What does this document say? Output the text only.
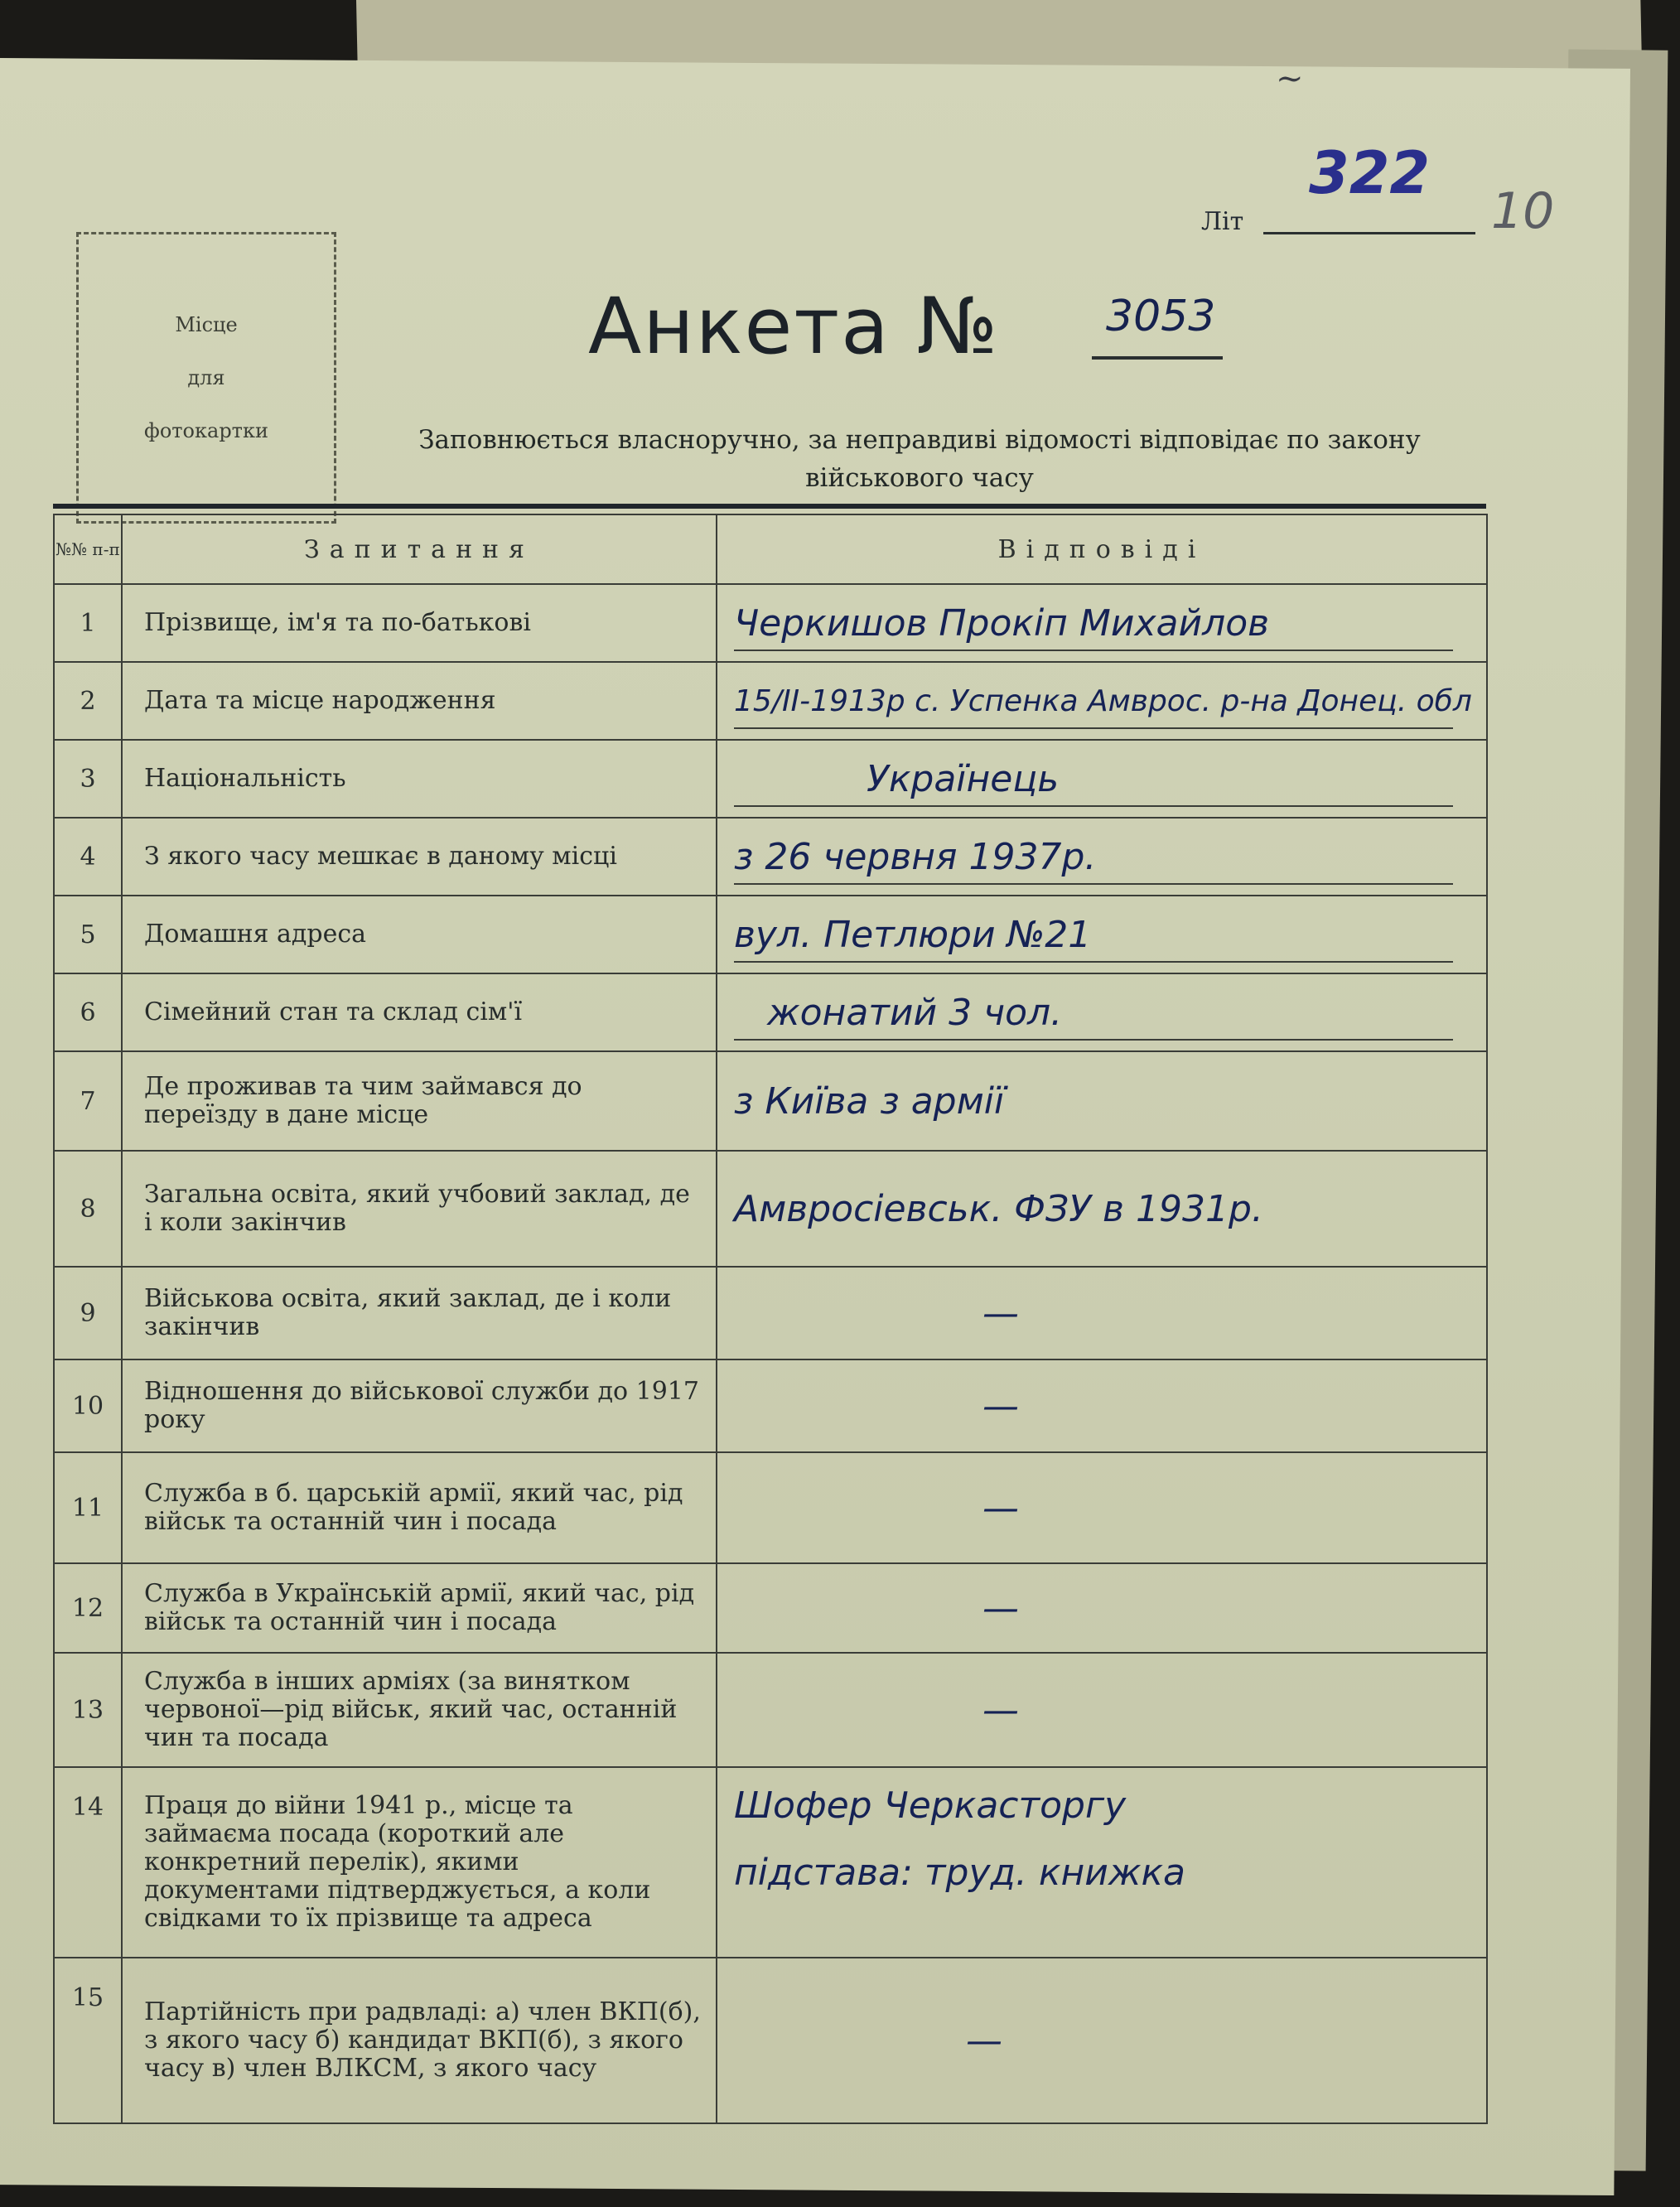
~
Літ
322
10
Місце
для
фотокартки
Анкета № 3053
Заповнюється власноручно, за неправдиві відомості відповідає по закону
військового часу
№№ п-п	Запитання	Відповіді
1	Прізвище, ім'я та по-батькові	Черкишов Прокіп Михайлов
2	Дата та місце народження	15/ІІ-1913р с. Успенка Амврос. р-на Донец. обл
3	Національність	Українець
4	З якого часу мешкає в даному місці	з 26 червня 1937р.
5	Домашня адреса	вул. Петлюри №21
6	Сімейний стан та склад сім'ї	жонатий 3 чол.
7	Де проживав та чим займався до переїзду в дане місце	з Київа з армії
8	Загальна освіта, який учбовий заклад, де і коли закінчив	Амвросіевськ. ФЗУ в 1931р.
9	Військова освіта, який заклад, де і коли закінчив	—
10	Відношення до військової служби до 1917 року	—
11	Служба в б. царській армії, який час, рід військ та останній чин і посада	—
12	Служба в Українській армії, який час, рід військ та останній чин і посада	—
13	Служба в інших арміях (за винятком червоної—рід військ, який час, останній чин та посада	—
14	Праця до війни 1941 р., місце та займаєма посада (короткий але конкретний перелік), якими документами підтверджується, а коли свідками то їх прізвище та адреса	Шофер Черкасторгу
підстава: труд. книжка

15	Партійність при радвладі: а) член ВКП(б), з якого часу б) кандидат ВКП(б), з якого часу в) член ВЛКСМ, з якого часу	—
